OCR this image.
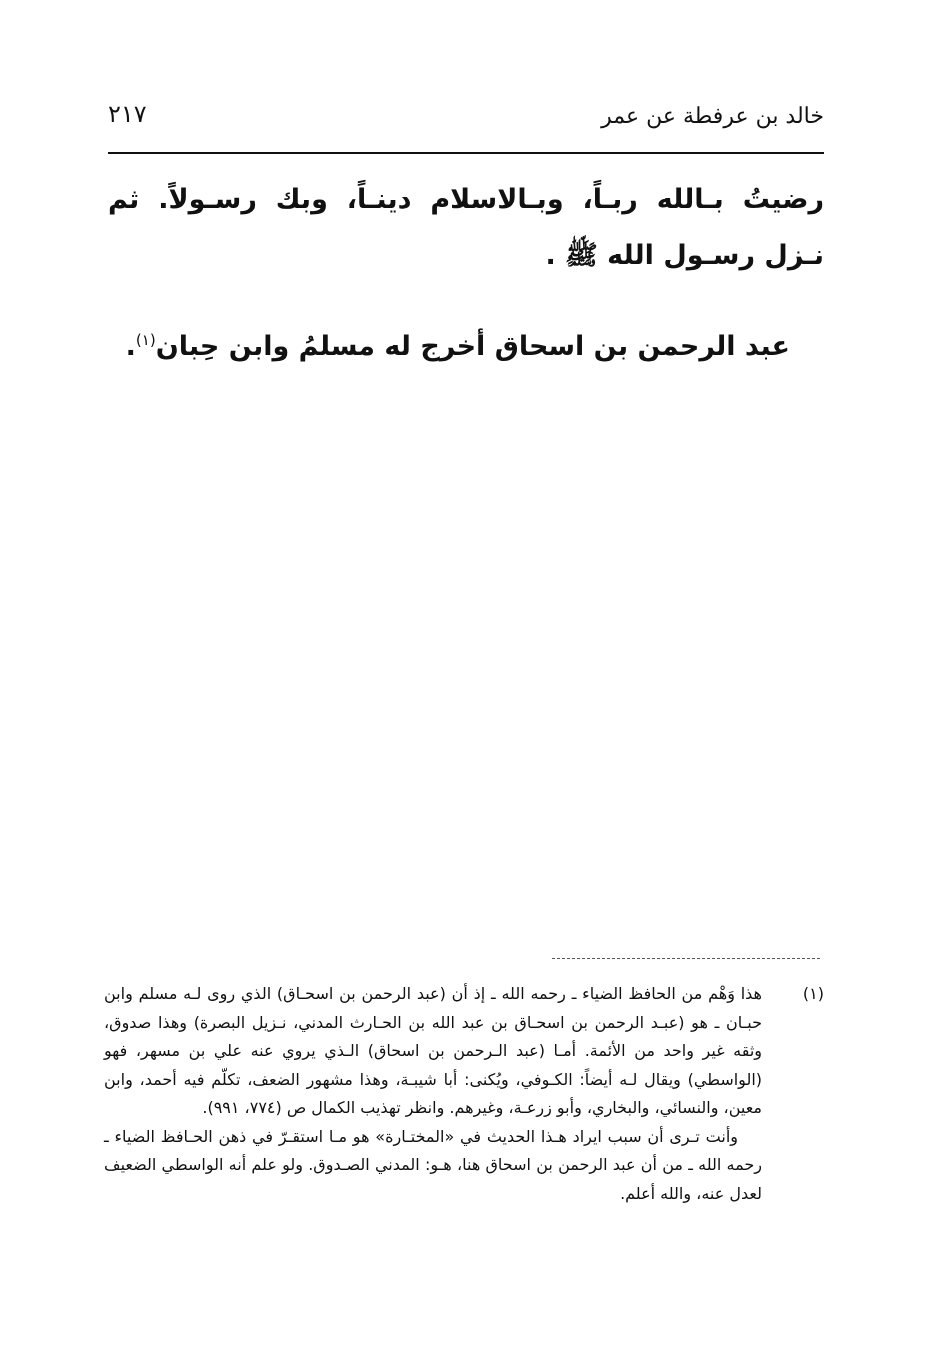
خالد بن عرفطة عن عمر
٢١٧

رضيتُ بـالله ربـاً، وبـالاسلام دينـاً، وبك رسـولاً. ثم نـزل رسـول الله ﷺ .

عبد الرحمن بن اسحاق أخرج له مسلمُ وابن حِبان$^{(١)}$.

(١)

هذا وَهْم من الحافظ الضياء ـ رحمه الله ـ إذ أن (عبد الرحمن بن اسحـاق) الذي روى لـه مسلم وابن حبـان ـ هو (عبـد الرحمن بن اسحـاق بن عبد الله بن الحـارث المدني، نـزيل البصرة) وهذا صدوق، وثقه غير واحد من الأئمة. أمـا (عبد الـرحمن بن اسحاق) الـذي يروي عنه علي بن مسهر، فهو (الواسطي) ويقال لـه أيضاً: الكـوفي، ويُكنى: أبا شيبـة، وهذا مشهور الضعف، تكلّم فيه أحمد، وابن معين، والنسائي، والبخاري، وأبو زرعـة، وغيرهم. وانظر تهذيب الكمال ص (٧٧٤، ٩٩١).

وأنت تـرى أن سبب ايراد هـذا الحديث في «المختـارة» هو مـا استقـرّ في ذهن الحـافظ الضياء ـ رحمه الله ـ من أن عبد الرحمن بن اسحاق هنا، هـو: المدني الصـدوق. ولو علم أنه الواسطي الضعيف لعدل عنه، والله أعلم.
